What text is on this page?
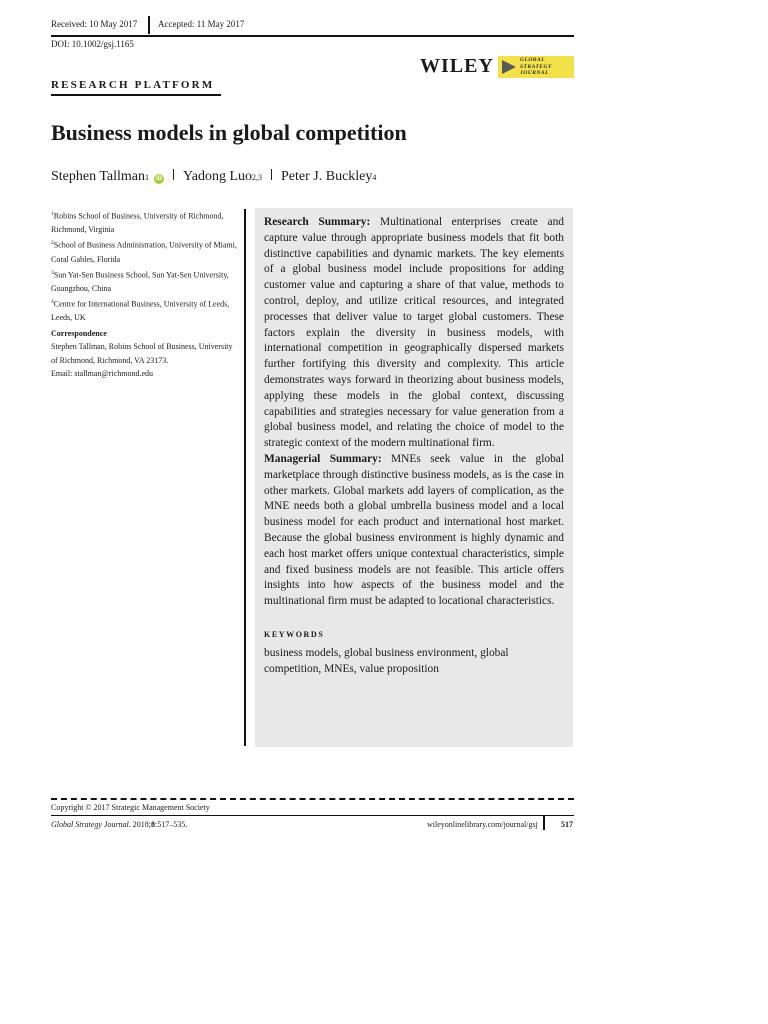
Received: 10 May 2017 Accepted: 11 May 2017
DOI: 10.1002/gsj.1165
WILEY	GLOBAL
STRATEGY
JOURNAL
RESEARCH PLATFORM
Business models in global competition
Stephen Tallman 1	iD Yadong Luo 2,3 Peter J. Buckley 4
$^1$Robins School of Business, University of Richmond, Richmond, Virginia
$^2$School of Business Administration, University of Miami, Coral Gables, Florida
$^3$Sun Yat-Sen Business School, Sun Yat-Sen University, Guangzhou, China
$^4$Centre for International Business, University of Leeds, Leeds, UK
Correspondence
Stephen Tallman, Robins School of Business, University of Richmond, Richmond, VA 23173.
Email: stallman@richmond.edu

Research Summary: Multinational enterprises create and capture value through appropriate business models that fit both distinctive capabilities and dynamic markets. The key elements of a global business model include propositions for adding customer value and capturing a share of that value, methods to control, deploy, and utilize critical resources, and integrated processes that deliver value to target global customers. These factors explain the diversity in business models, with international competition in geographically dispersed markets further fortifying this diversity and complexity. This article demonstrates ways forward in theorizing about business models, applying these models in the global context, discussing capabilities and strategies necessary for value generation from a global business model, and relating the choice of model to the strategic context of the modern multinational firm.

Managerial Summary: MNEs seek value in the global marketplace through distinctive business models, as is the case in other markets. Global markets add layers of complication, as the MNE needs both a global umbrella business model and a local business model for each product and international host market. Because the global business environment is highly dynamic and each host market offers unique contextual characteristics, simple and fixed business models are not feasible. This article offers insights into how aspects of the business model and the multinational firm must be adapted to locational characteristics.

KEYWORDS

business models, global business environment, global competition, MNEs, value proposition

Copyright © 2017 Strategic Management Society
Global Strategy Journal. 2018;8:517–535.	wileyonlinelibrary.com/journal/gsj	517
